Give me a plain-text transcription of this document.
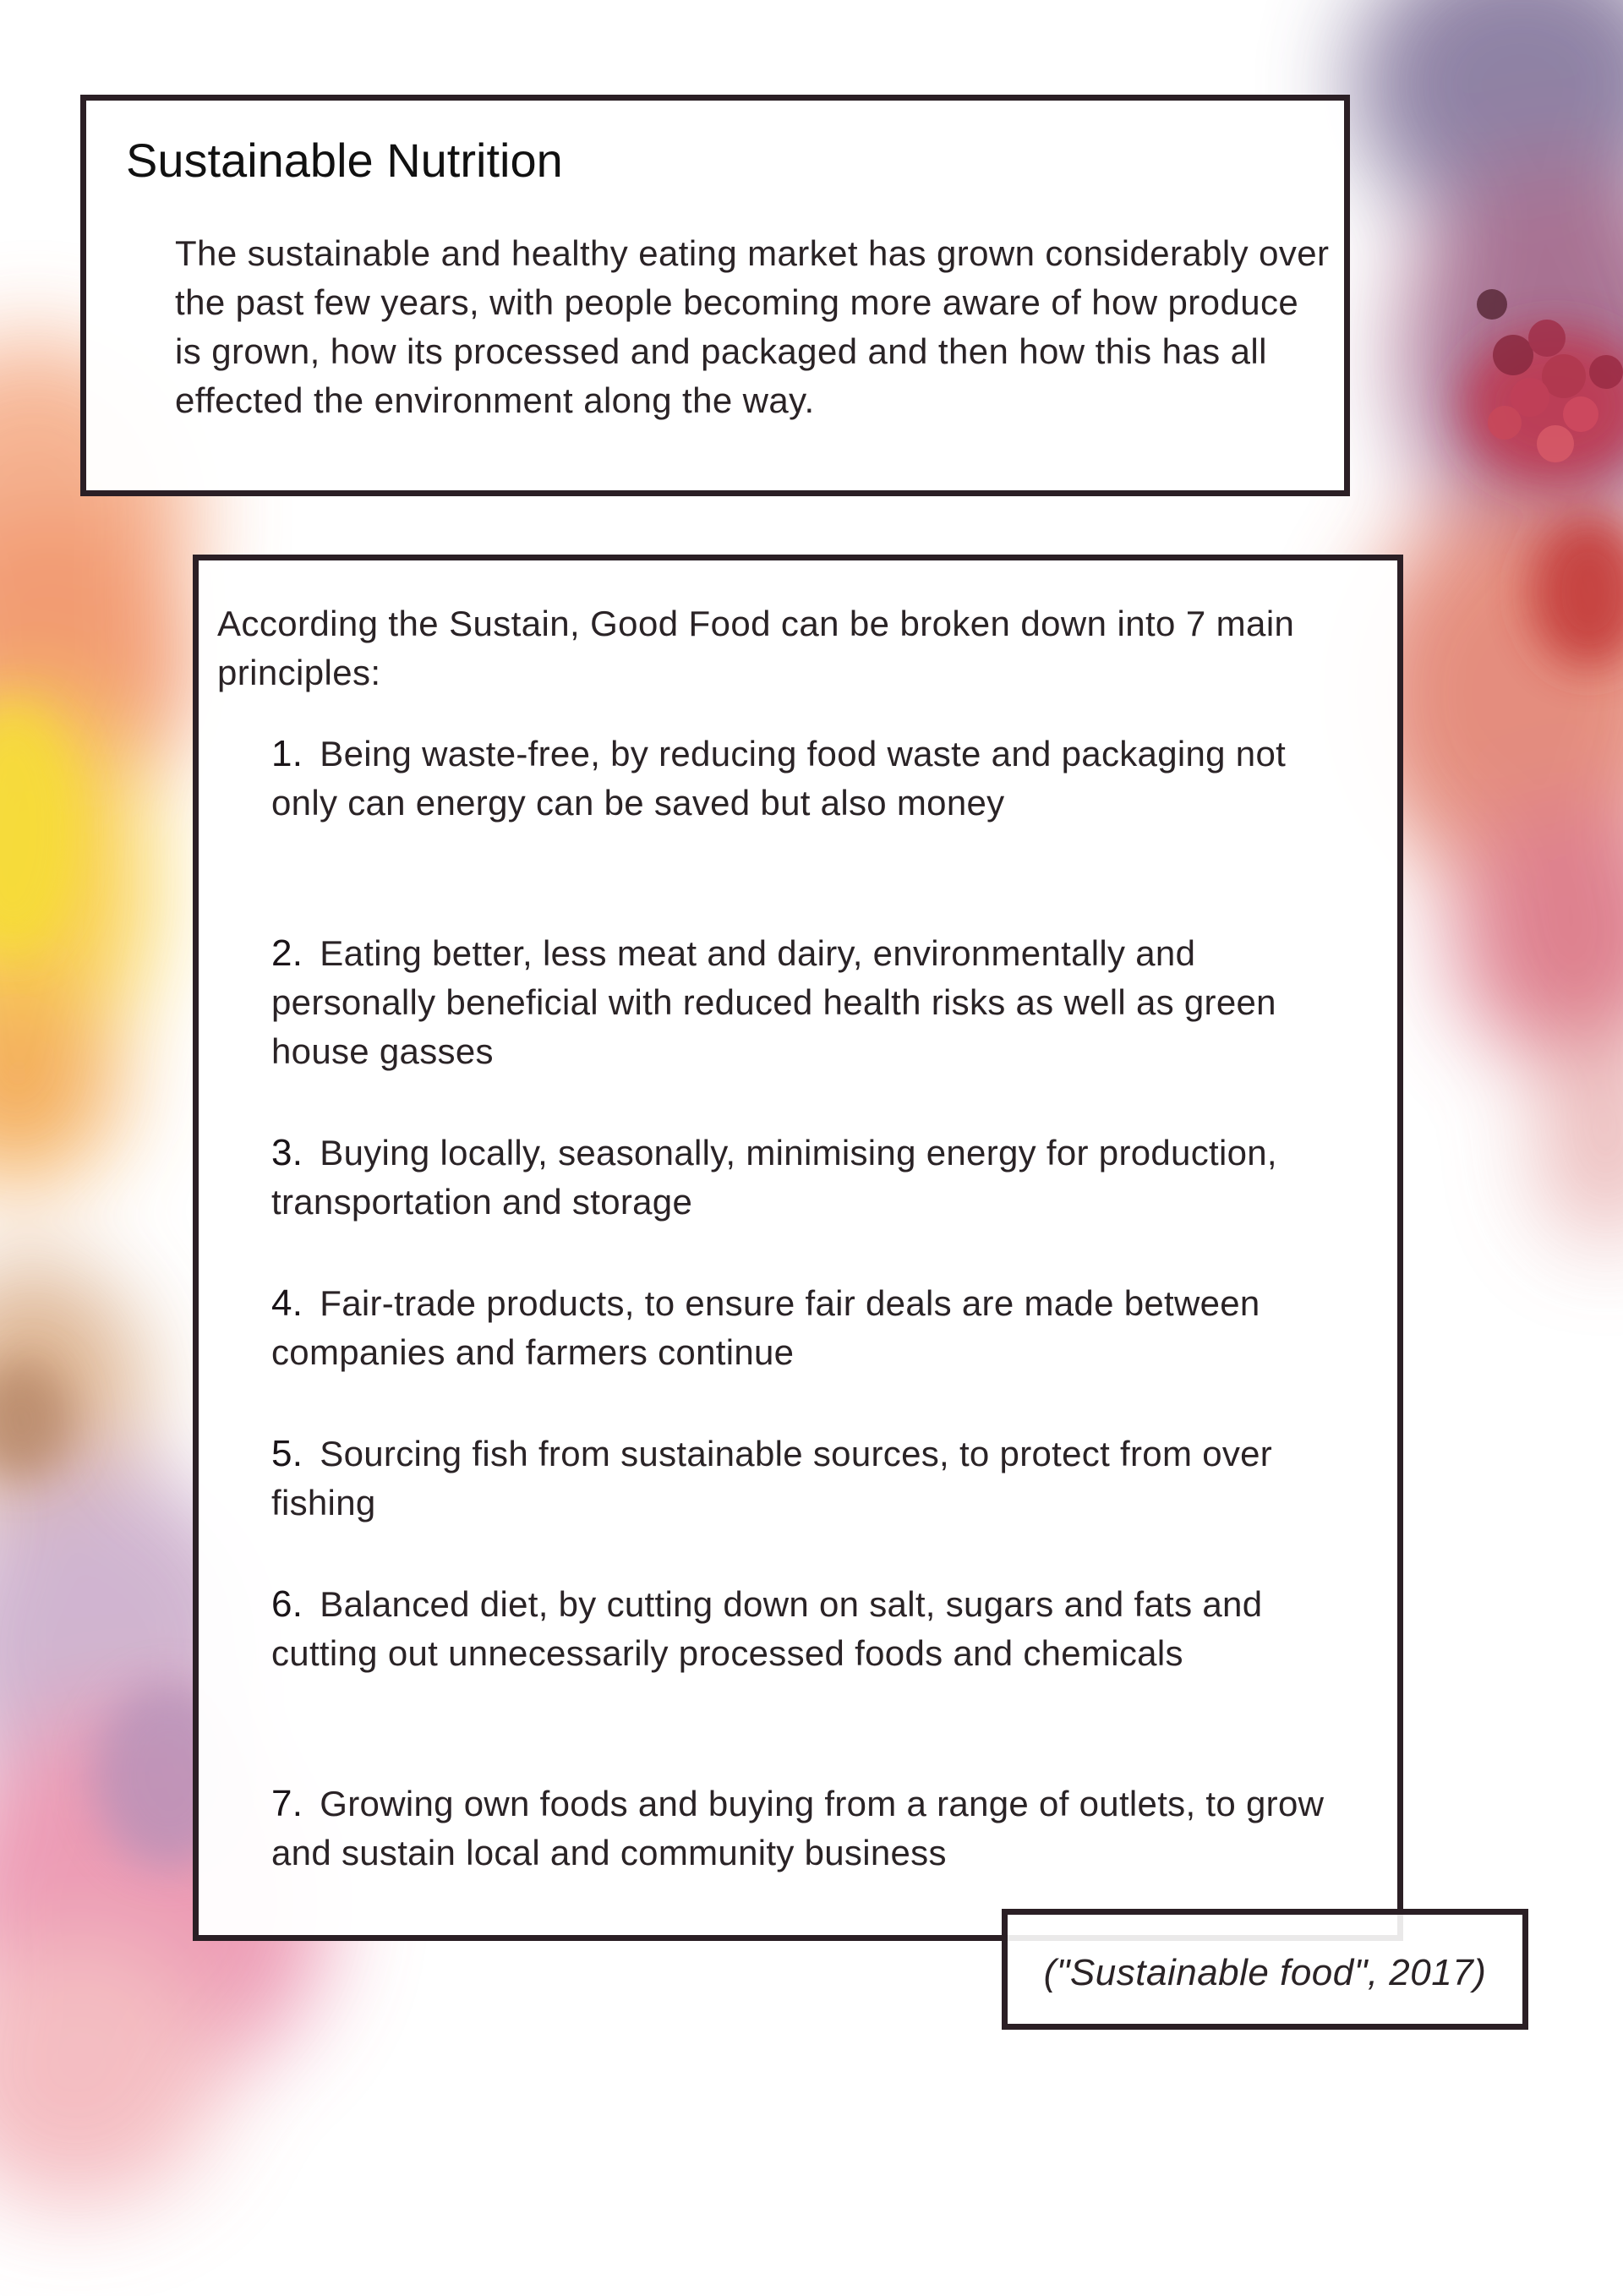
Sustainable Nutrition

The sustainable and healthy eating market has grown considerably over the past few years, with people becoming more aware of how produce is grown, how its processed and packaged and then how this has all effected the environment along the way.

According the Sustain, Good Food can be broken down into 7 main principles:

1. Being waste-free, by reducing food waste and packaging not only can energy can be saved but also money
2. Eating better, less meat and dairy, environmentally and personally beneficial with reduced health risks as well as green house gasses
3. Buying locally, seasonally, minimising energy for production, transportation and storage
4. Fair-trade products, to ensure fair deals are made between companies and farmers continue
5. Sourcing fish from sustainable sources, to protect from over fishing
6. Balanced diet, by cutting down on salt, sugars and fats and cutting out unnecessarily processed foods and chemicals
7. Growing own foods and buying from a range of outlets, to grow and sustain local and community business
("Sustainable food", 2017)
